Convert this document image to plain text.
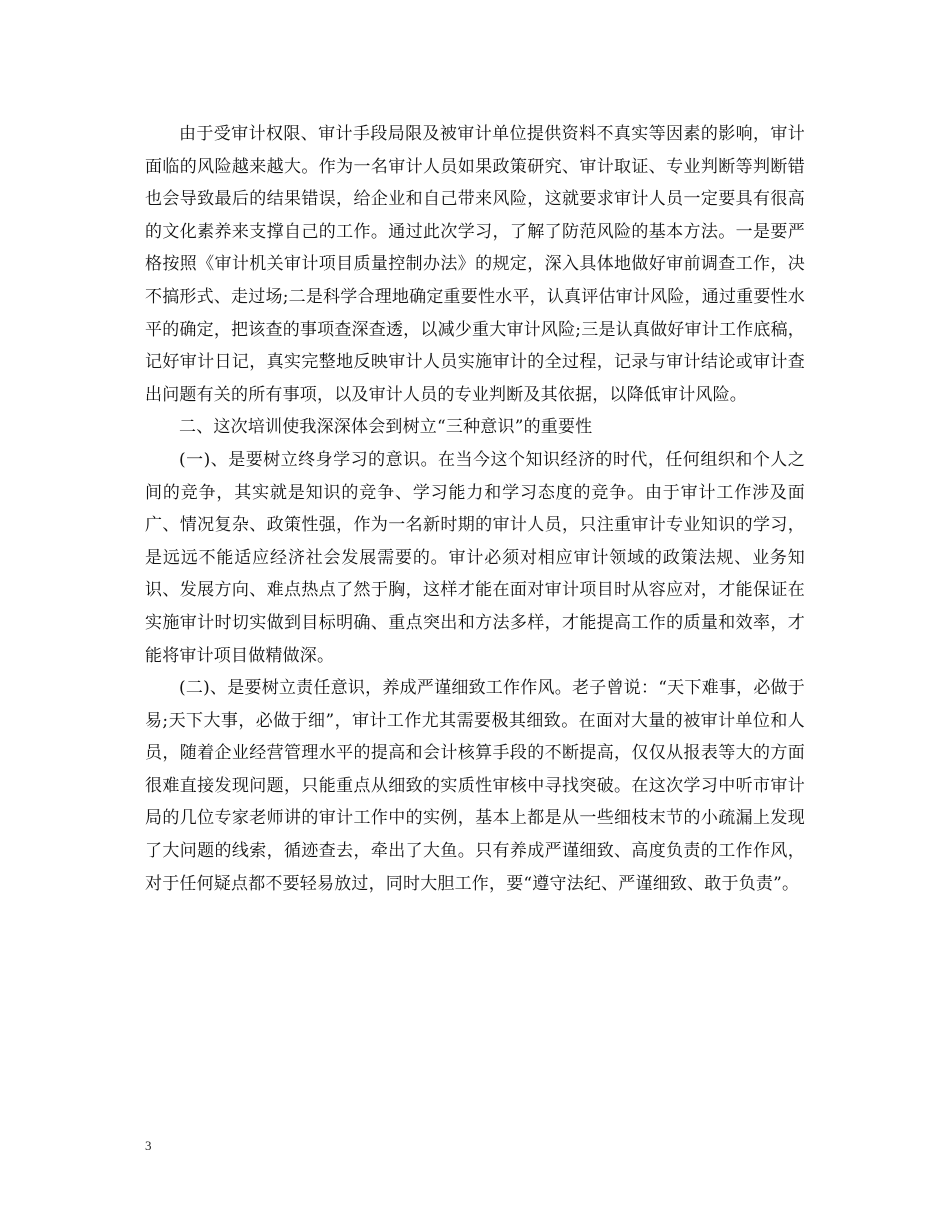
由于受审计权限、审计手段局限及被审计单位提供资料不真实等因素的影响，审计面临的风险越来越大。作为一名审计人员如果政策研究、审计取证、专业判断等判断错也会导致最后的结果错误，给企业和自己带来风险，这就要求审计人员一定要具有很高的文化素养来支撑自己的工作。通过此次学习，了解了防范风险的基本方法。一是要严格按照《审计机关审计项目质量控制办法》的规定，深入具体地做好审前调查工作，决不搞形式、走过场;二是科学合理地确定重要性水平，认真评估审计风险，通过重要性水平的确定，把该查的事项查深查透，以减少重大审计风险;三是认真做好审计工作底稿，记好审计日记，真实完整地反映审计人员实施审计的全过程，记录与审计结论或审计查出问题有关的所有事项，以及审计人员的专业判断及其依据，以降低审计风险。

二、这次培训使我深深体会到树立“三种意识”的重要性

(一)、是要树立终身学习的意识。在当今这个知识经济的时代，任何组织和个人之间的竞争，其实就是知识的竞争、学习能力和学习态度的竞争。由于审计工作涉及面广、情况复杂、政策性强，作为一名新时期的审计人员，只注重审计专业知识的学习，是远远不能适应经济社会发展需要的。审计必须对相应审计领域的政策法规、业务知识、发展方向、难点热点了然于胸，这样才能在面对审计项目时从容应对，才能保证在实施审计时切实做到目标明确、重点突出和方法多样，才能提高工作的质量和效率，才能将审计项目做精做深。

(二)、是要树立责任意识，养成严谨细致工作作风。老子曾说：“天下难事，必做于易;天下大事，必做于细”，审计工作尤其需要极其细致。在面对大量的被审计单位和人员，随着企业经营管理水平的提高和会计核算手段的不断提高，仅仅从报表等大的方面很难直接发现问题，只能重点从细致的实质性审核中寻找突破。在这次学习中听市审计局的几位专家老师讲的审计工作中的实例，基本上都是从一些细枝末节的小疏漏上发现了大问题的线索，循迹查去，牵出了大鱼。只有养成严谨细致、高度负责的工作作风，对于任何疑点都不要轻易放过，同时大胆工作，要“遵守法纪、严谨细致、敢于负责”。

3
